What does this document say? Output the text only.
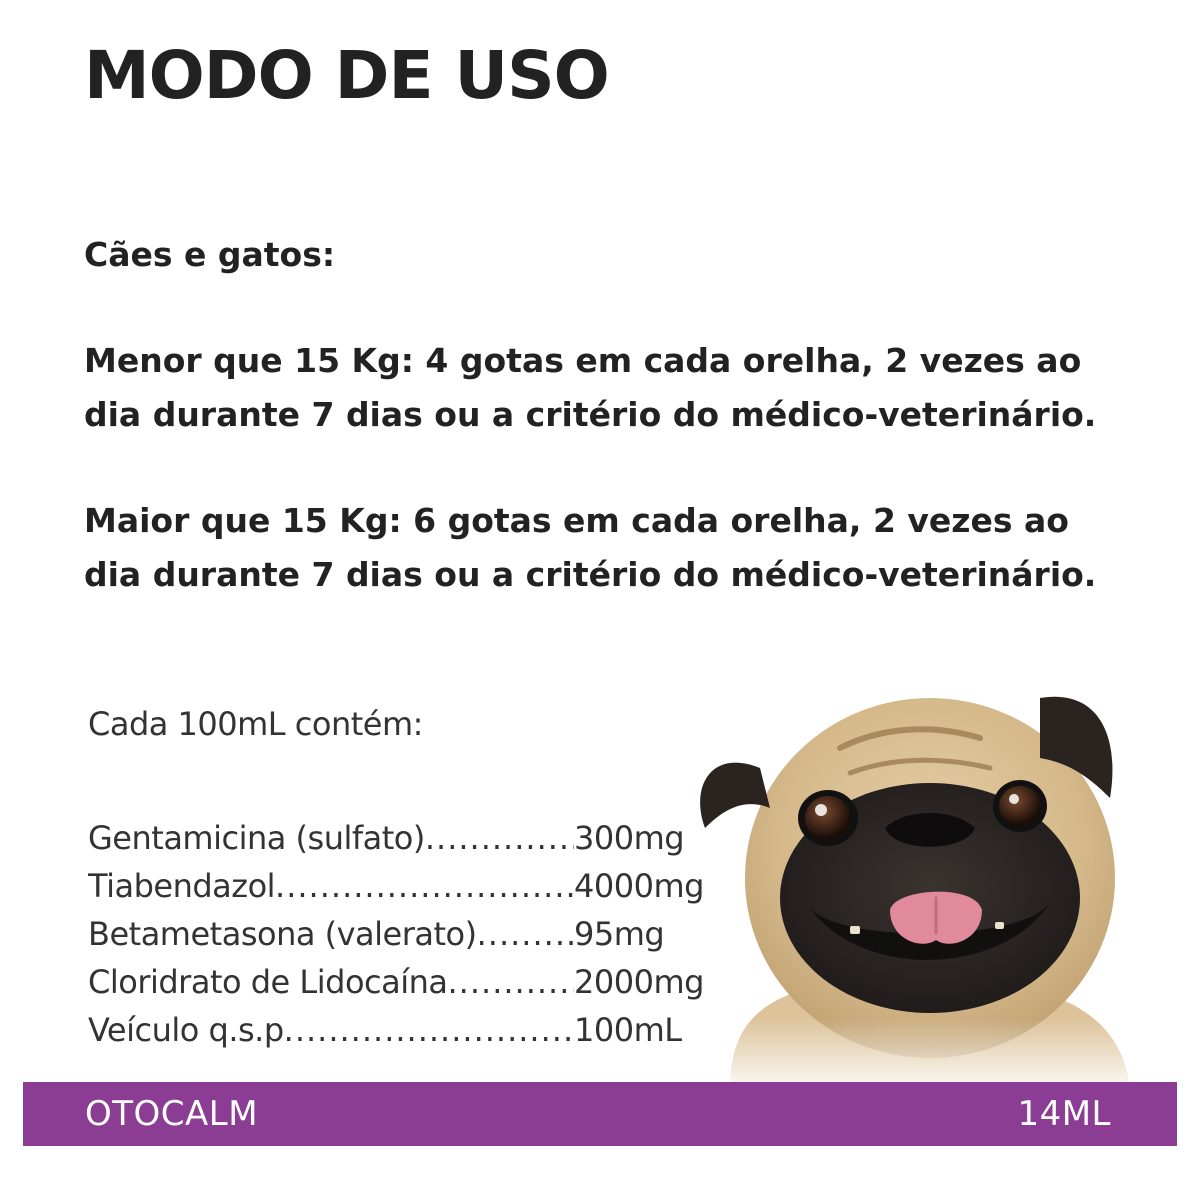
MODO DE USO

Cães e gatos:

Menor que 15 Kg: 4 gotas em cada orelha, 2 vezes ao dia durante 7 dias ou a critério do médico-veterinário.

Maior que 15 Kg: 6 gotas em cada orelha, 2 vezes ao dia durante 7 dias ou a critério do médico-veterinário.

Cada 100mL contém:

Gentamicina (sulfato) .....	300mg
Tiabendazol .....	4000mg
Betametasona (valerato) .....	95mg
Cloridrato de Lidocaína .....	2000mg
Veículo q.s.p .....	100mL
OTOCALM	14ML
